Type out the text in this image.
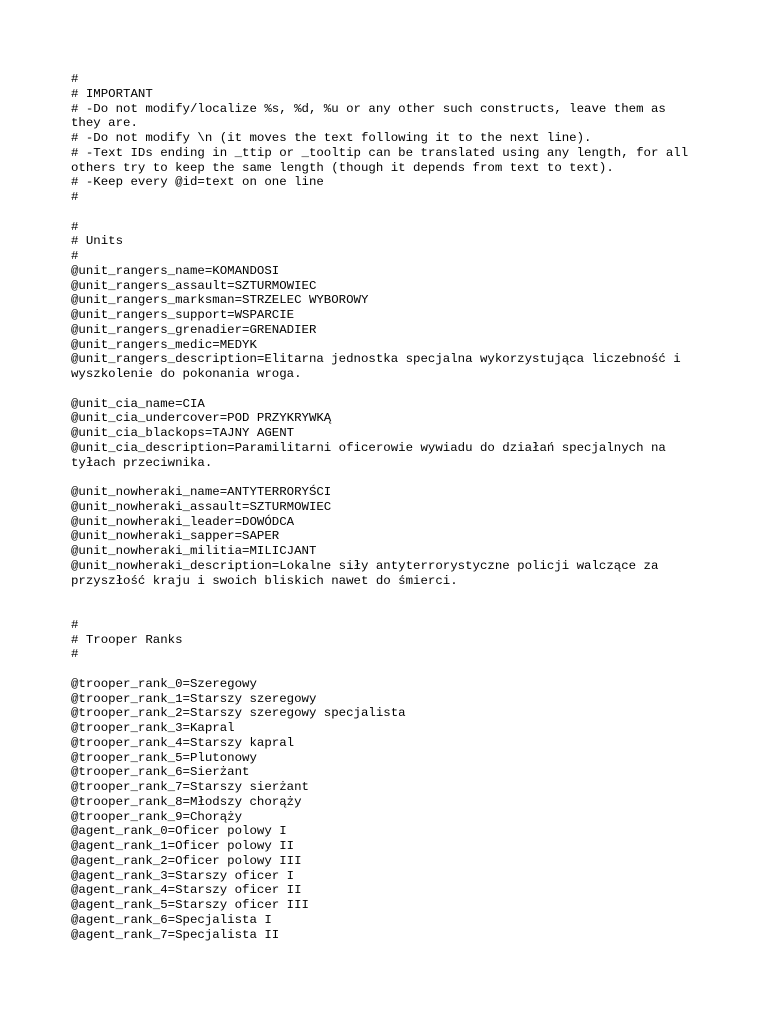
#
# IMPORTANT
# -Do not modify/localize %s, %d, %u or any other such constructs, leave them as
they are.
# -Do not modify \n (it moves the text following it to the next line).
# -Text IDs ending in _ttip or _tooltip can be translated using any length, for all
others try to keep the same length (though it depends from text to text).
# -Keep every @id=text on one line
#
#
# Units
#
@unit_rangers_name=KOMANDOSI
@unit_rangers_assault=SZTURMOWIEC
@unit_rangers_marksman=STRZELEC WYBOROWY
@unit_rangers_support=WSPARCIE
@unit_rangers_grenadier=GRENADIER
@unit_rangers_medic=MEDYK
@unit_rangers_description=Elitarna jednostka specjalna wykorzystująca liczebność i
wyszkolenie do pokonania wroga.
@unit_cia_name=CIA
@unit_cia_undercover=POD PRZYKRYWKĄ
@unit_cia_blackops=TAJNY AGENT
@unit_cia_description=Paramilitarni oficerowie wywiadu do działań specjalnych na
tyłach przeciwnika.
@unit_nowheraki_name=ANTYTERRORYŚCI
@unit_nowheraki_assault=SZTURMOWIEC
@unit_nowheraki_leader=DOWÓDCA
@unit_nowheraki_sapper=SAPER
@unit_nowheraki_militia=MILICJANT
@unit_nowheraki_description=Lokalne siły antyterrorystyczne policji walczące za
przyszłość kraju i swoich bliskich nawet do śmierci.
#
# Trooper Ranks
#
@trooper_rank_0=Szeregowy
@trooper_rank_1=Starszy szeregowy
@trooper_rank_2=Starszy szeregowy specjalista
@trooper_rank_3=Kapral
@trooper_rank_4=Starszy kapral
@trooper_rank_5=Plutonowy
@trooper_rank_6=Sierżant
@trooper_rank_7=Starszy sierżant
@trooper_rank_8=Młodszy chorąży
@trooper_rank_9=Chorąży
@agent_rank_0=Oficer polowy I
@agent_rank_1=Oficer polowy II
@agent_rank_2=Oficer polowy III
@agent_rank_3=Starszy oficer I
@agent_rank_4=Starszy oficer II
@agent_rank_5=Starszy oficer III
@agent_rank_6=Specjalista I
@agent_rank_7=Specjalista II
